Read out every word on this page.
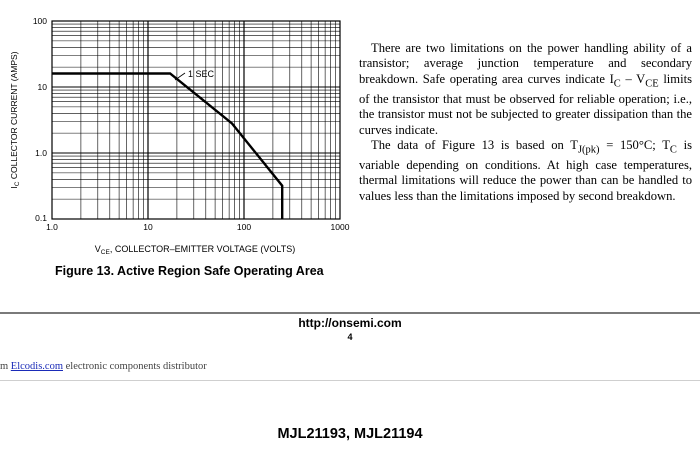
1.0	10	100	1000
0.1
1.0
10
100
1 SEC
$V_{CE}$, COLLECTOR–EMITTER VOLTAGE (VOLTS)
$I_C$ COLLECTOR CURRENT (AMPS)

There are two limitations on the power handling ability of a transistor; average junction temperature and secondary breakdown. Safe operating area curves indicate $I_C - V_{CE}$ limits of the transistor that must be observed for reliable operation; i.e., the transistor must not be subjected to greater dissipation than the curves indicate.

The data of Figure 13 is based on $T_{J(pk)} = 150^\circ C$; $T_C$ is variable depending on conditions. At high case temperatures, thermal limitations will reduce the power than can be handled to values less than the limitations imposed by second breakdown.

Figure 13. Active Region Safe Operating Area
http://onsemi.com
4
m Elcodis.com electronic components distributor
MJL21193, MJL21194
